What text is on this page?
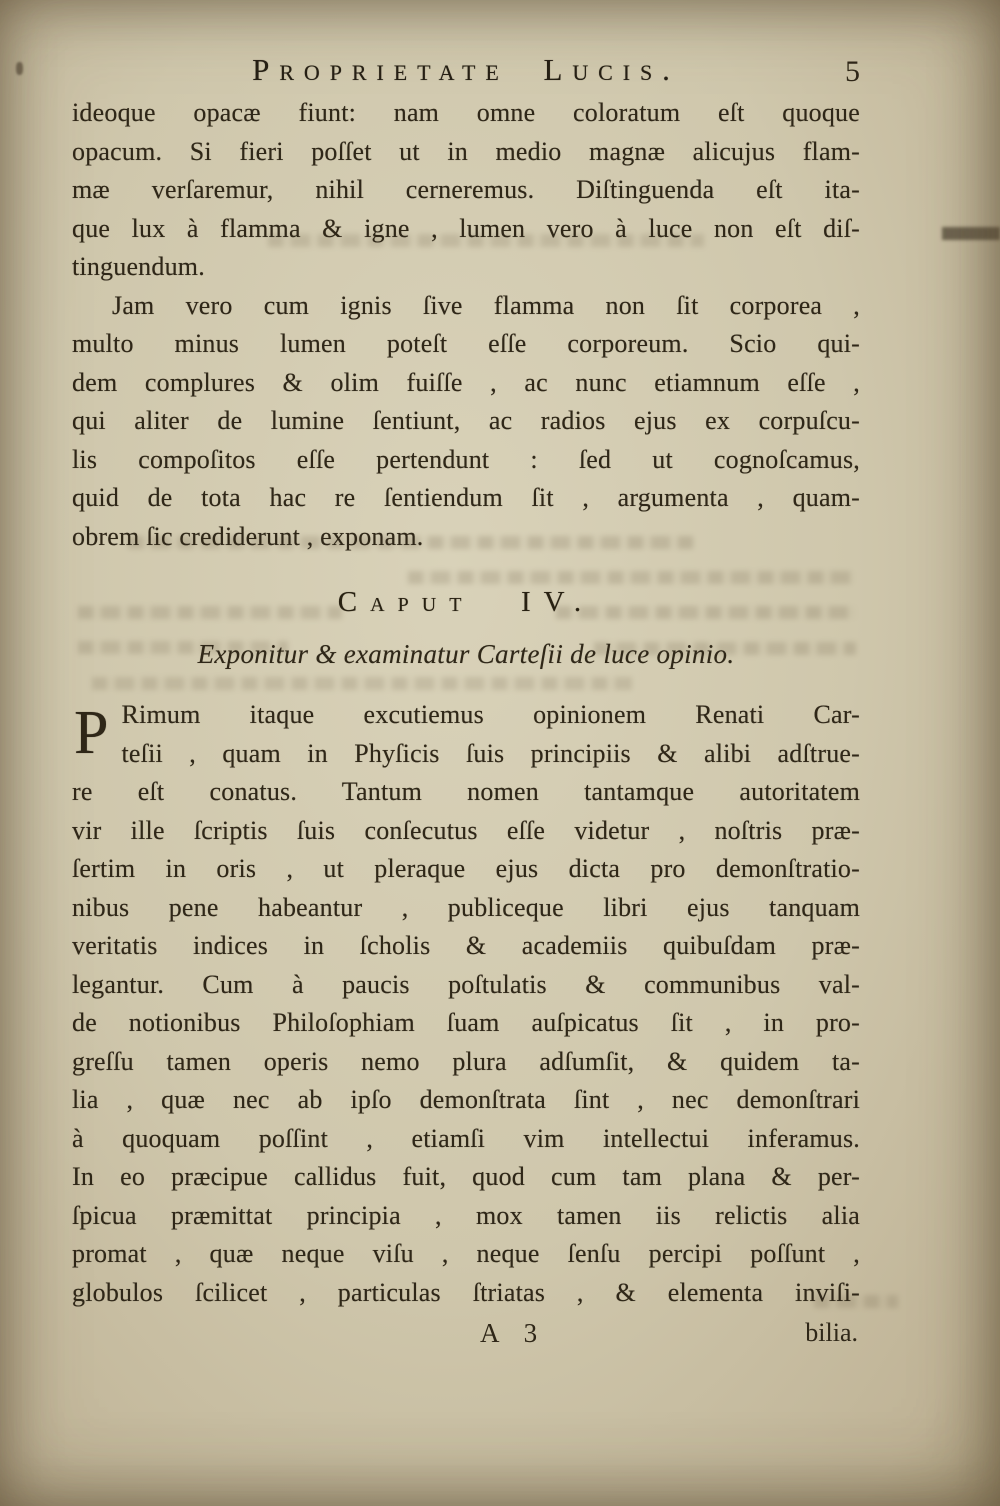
Proprietate Lucis.	5
ideoque opacæ fiunt: nam omne coloratum eſt quoque
opacum. Si fieri poſſet ut in medio magnæ alicujus flam-
mæ verſaremur, nihil cerneremus. Diſtinguenda eſt ita-
que lux à flamma & igne , lumen vero à luce non eſt diſ-
tinguendum.
Jam vero cum ignis ſive flamma non ſit corporea ,
multo minus lumen poteſt eſſe corporeum. Scio qui-
dem complures & olim fuiſſe , ac nunc etiamnum eſſe ,
qui aliter de lumine ſentiunt, ac radios ejus ex corpuſcu-
lis compoſitos eſſe pertendunt : ſed ut cognoſcamus,
quid de tota hac re ſentiendum ſit , argumenta , quam-
obrem ſic crediderunt , exponam.
Caput IV.
Exponitur & examinatur Carteſii de luce opinio.
P Rimum itaque excutiemus opinionem Renati Car-
teſii , quam in Phyſicis ſuis principiis & alibi adſtrue-
re eſt conatus. Tantum nomen tantamque autoritatem
vir ille ſcriptis ſuis conſecutus eſſe videtur , noſtris præ-
ſertim in oris , ut pleraque ejus dicta pro demonſtratio-
nibus pene habeantur , publiceque libri ejus tanquam
veritatis indices in ſcholis & academiis quibuſdam præ-
legantur. Cum à paucis poſtulatis & communibus val-
de notionibus Philoſophiam ſuam auſpicatus ſit , in pro-
greſſu tamen operis nemo plura adſumſit, & quidem ta-
lia , quæ nec ab ipſo demonſtrata ſint , nec demonſtrari
à quoquam poſſint , etiamſi vim intellectui inferamus.
In eo præcipue callidus fuit, quod cum tam plana & per-
ſpicua præmittat principia , mox tamen iis relictis alia
promat , quæ neque viſu , neque ſenſu percipi poſſunt ,
globulos ſcilicet , particulas ſtriatas , & elementa inviſi-
A 3	bilia.
